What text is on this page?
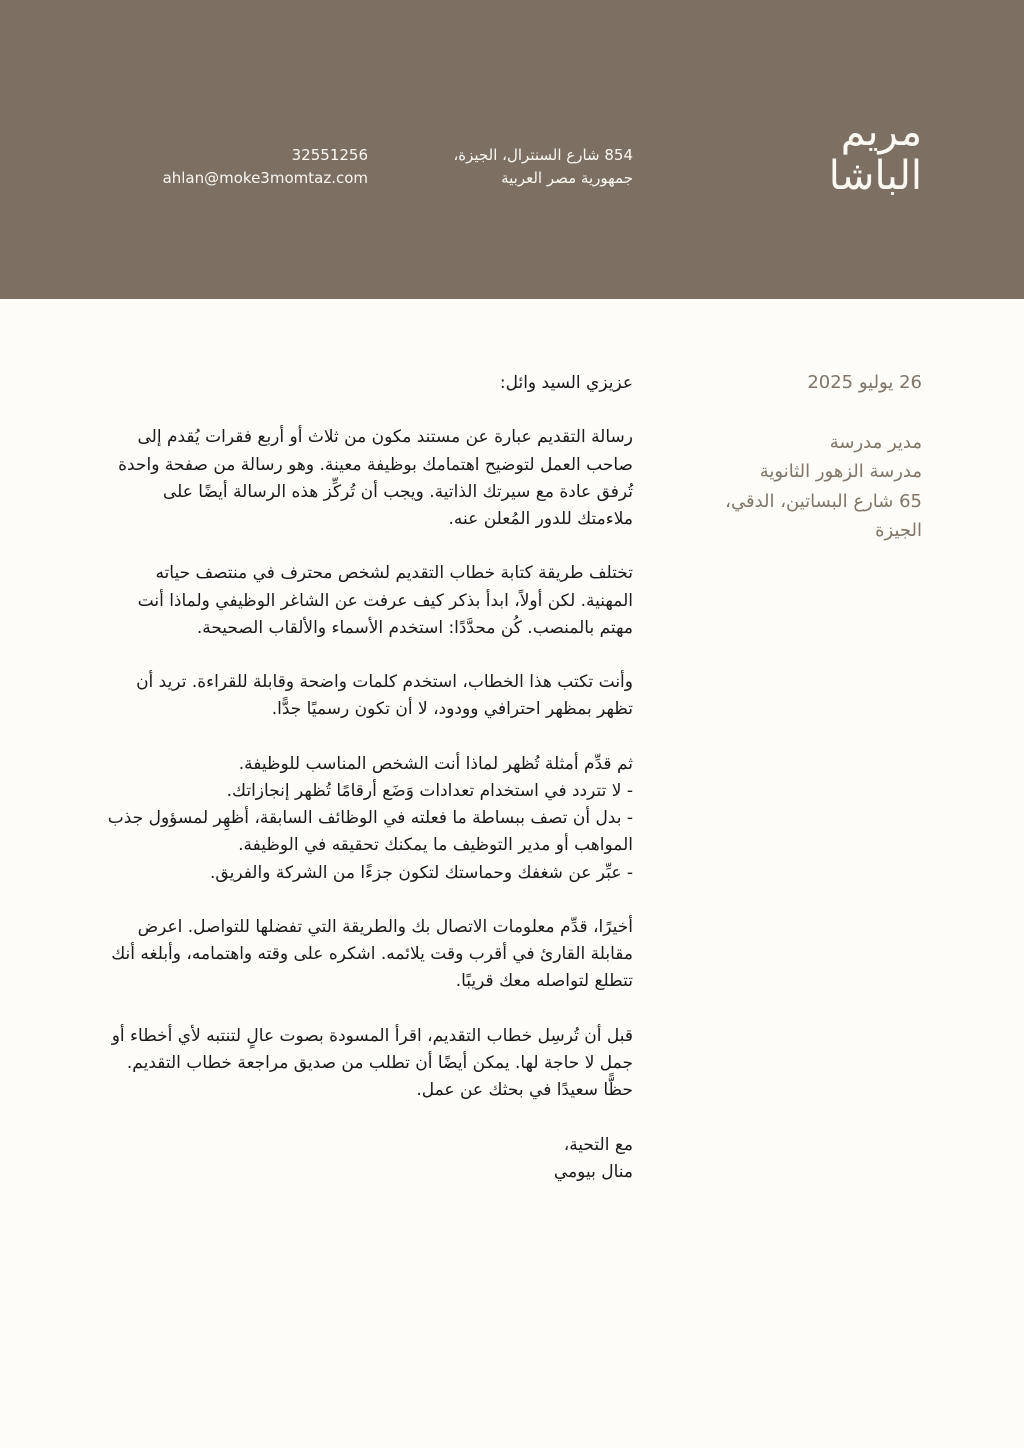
مريم
الباشا
854 شارع السنترال، الجيزة،
جمهورية مصر العربية
32551256
ahlan@moke3momtaz.com
26 يوليو 2025
مدير مدرسة
مدرسة الزهور الثانوية
65 شارع البساتين، الدقي،
الجيزة

عزيزي السيد وائل:

رسالة التقديم عبارة عن مستند مكون من ثلاث أو أربع فقرات يُقدم إلى صاحب العمل لتوضيح اهتمامك بوظيفة معينة. وهو رسالة من صفحة واحدة تُرفق عادة مع سيرتك الذاتية. ويجب أن تُركِّز هذه الرسالة أيضًا على ملاءمتك للدور المُعلن عنه.

تختلف طريقة كتابة خطاب التقديم لشخص محترف في منتصف حياته المهنية. لكن أولاً، ابدأ بذكر كيف عرفت عن الشاغر الوظيفي ولماذا أنت مهتم بالمنصب. كُن محدَّدًا: استخدم الأسماء والألقاب الصحيحة.

وأنت تكتب هذا الخطاب، استخدم كلمات واضحة وقابلة للقراءة. تريد أن تظهر بمظهر احترافي وودود، لا أن تكون رسميًا جدًّا.

ثم قدِّم أمثلة تُظهر لماذا أنت الشخص المناسب للوظيفة.
- لا تتردد في استخدام تعدادات وَضَع أرقامًا تُظهر إنجازاتك.
- بدل أن تصف ببساطة ما فعلته في الوظائف السابقة، أظهِر لمسؤول جذب المواهب أو مدير التوظيف ما يمكنك تحقيقه في الوظيفة.
- عبِّر عن شغفك وحماستك لتكون جزءًا من الشركة والفريق.

أخيرًا، قدِّم معلومات الاتصال بك والطريقة التي تفضلها للتواصل. اعرض مقابلة القارئ في أقرب وقت يلائمه. اشكره على وقته واهتمامه، وأبلغه أنك تتطلع لتواصله معك قريبًا.

قبل أن تُرسِل خطاب التقديم، اقرأ المسودة بصوت عالٍ لتنتبه لأي أخطاء أو جمل لا حاجة لها. يمكن أيضًا أن تطلب من صديق مراجعة خطاب التقديم. حظًّا سعيدًا في بحثك عن عمل.

مع التحية،
منال بيومي
